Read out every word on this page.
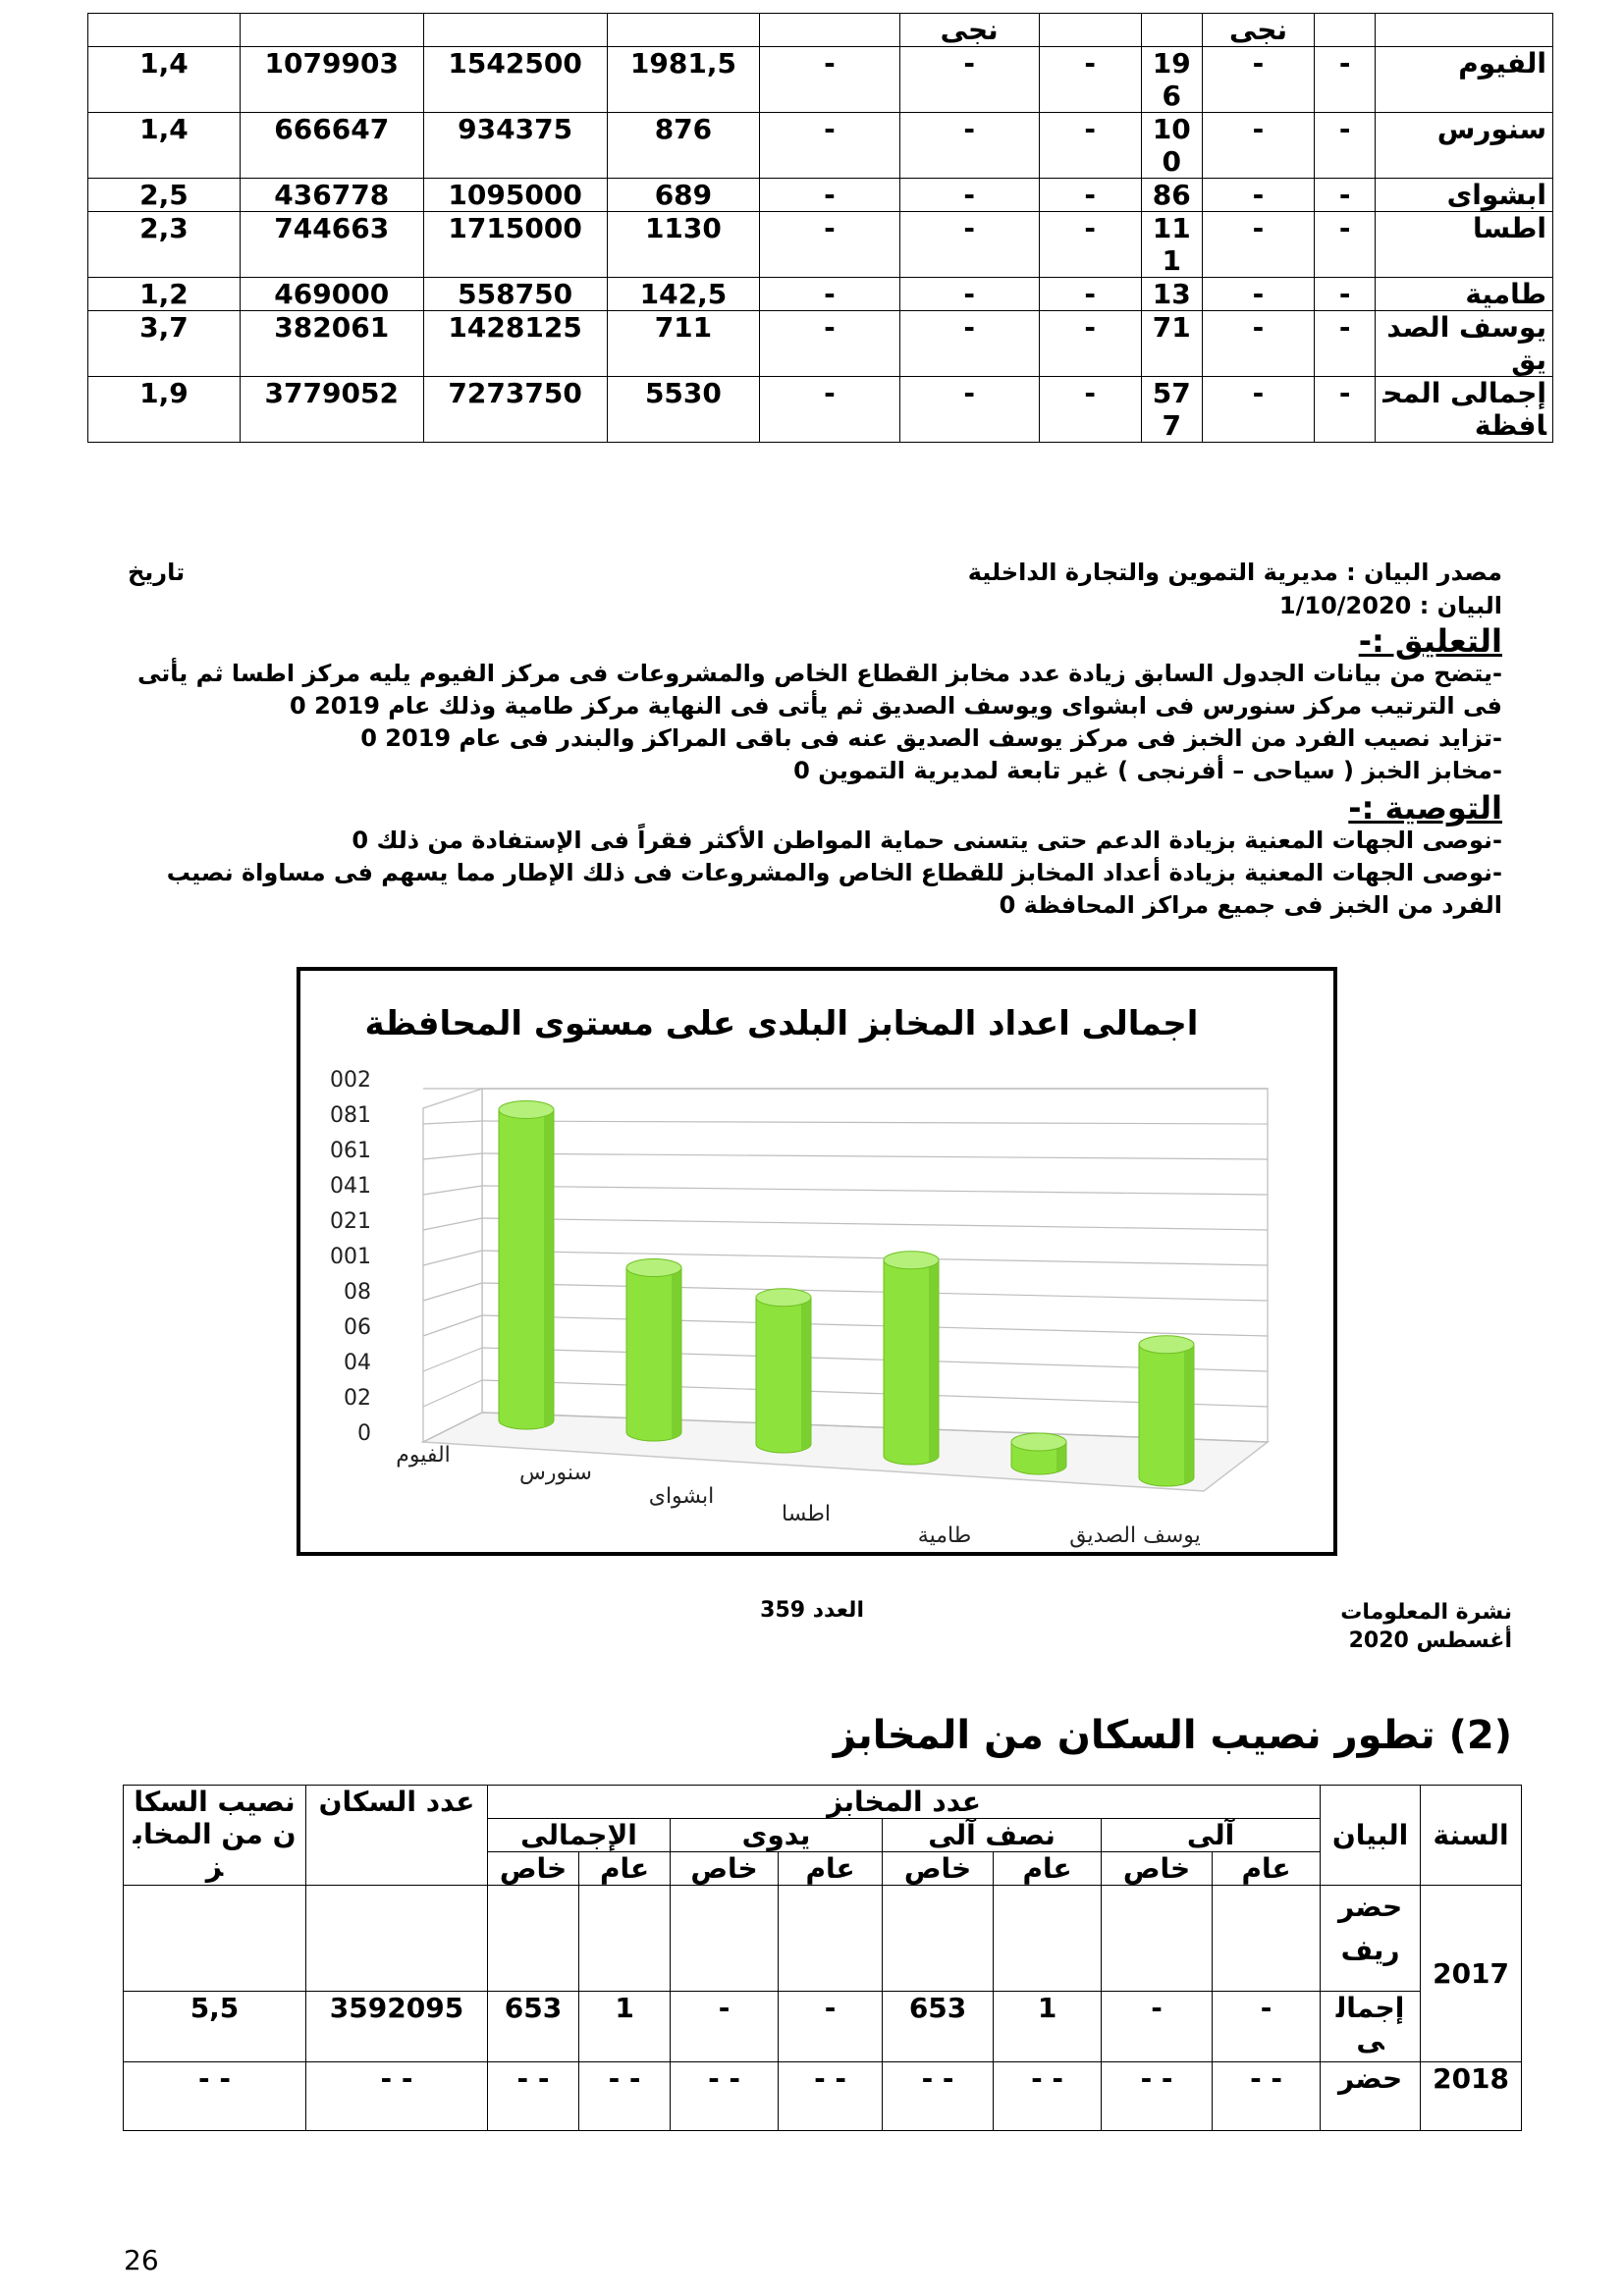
		نجى			نجى					
الفيوم	-	-	196	-	-	-	1981,5	1542500	1079903	1,4
سنورس	-	-	100	-	-	-	876	934375	666647	1,4
ابشواى	-	-	86	-	-	-	689	1095000	436778	2,5
اطسا	-	-	111	-	-	-	1130	1715000	744663	2,3
طامية	-	-	13	-	-	-	142,5	558750	469000	1,2
يوسف الصديق	-	-	71	-	-	-	711	1428125	382061	3,7
إجمالى المحافظة	-	-	577	-	-	-	5530	7273750	3779052	1,9
مصدر البيان : مديرية التموين والتجارة الداخلية
تاريخ
البيان : 1/10/2020
التعليق :-
-يتضح من بيانات الجدول السابق زيادة عدد مخابز القطاع الخاص والمشروعات فى مركز الفيوم يليه مركز اطسا ثم يأتى فى الترتيب مركز سنورس فى ابشواى ويوسف الصديق ثم يأتى فى النهاية مركز طامية وذلك عام 2019 0
-تزايد نصيب الفرد من الخبز فى مركز يوسف الصديق عنه فى باقى المراكز والبندر فى عام 2019 0
-مخابز الخبز ( سياحى – أفرنجى ) غير تابعة لمديرية التموين 0
التوصية :-
-نوصى الجهات المعنية بزيادة الدعم حتى يتسنى حماية المواطن الأكثر فقراً فى الإستفادة من ذلك 0
-نوصى الجهات المعنية بزيادة أعداد المخابز للقطاع الخاص والمشروعات فى ذلك الإطار مما يسهم فى مساواة نصيب الفرد من الخبز فى جميع مراكز المحافظة 0
اجمالى اعداد المخابز البلدى على مستوى المحافظة
0
02
04
06
08
001
021
041
061
081
002
الفيوم
سنورس
ابشواى
اطسا
طامية	يوسف الصديق
نشرة المعلومات
أغسطس 2020
العدد 359
(2) تطور نصيب السكان من المخابز
السنة	البيان	عدد المخابز								عدد السكان	نصيب السكان من المخابز
		آلى		نصف آلى		يدوى		الإجمالى			
		عام	خاص	عام	خاص	عام	خاص	عام	خاص		
2017	حضر ريف										
	إجمالى	-	-	1	653	-	-	1	653	3592095	5,5
2018	حضر	- -	- -	- -	- -	- -	- -	- -	- -	- -	- -
26
